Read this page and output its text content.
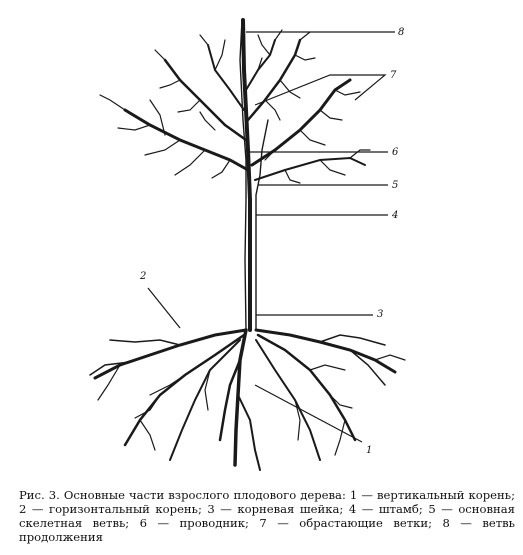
8
7
6
5
4
3
2
1
Рис. 3. Основные части взрослого плодового дерева: 1 — вертикальный корень; 2 — горизонтальный корень; 3 — корневая шейка; 4 — штамб; 5 — основная скелетная ветвь; 6 — проводник; 7 — обрастающие ветки; 8 — ветвь продолжения
